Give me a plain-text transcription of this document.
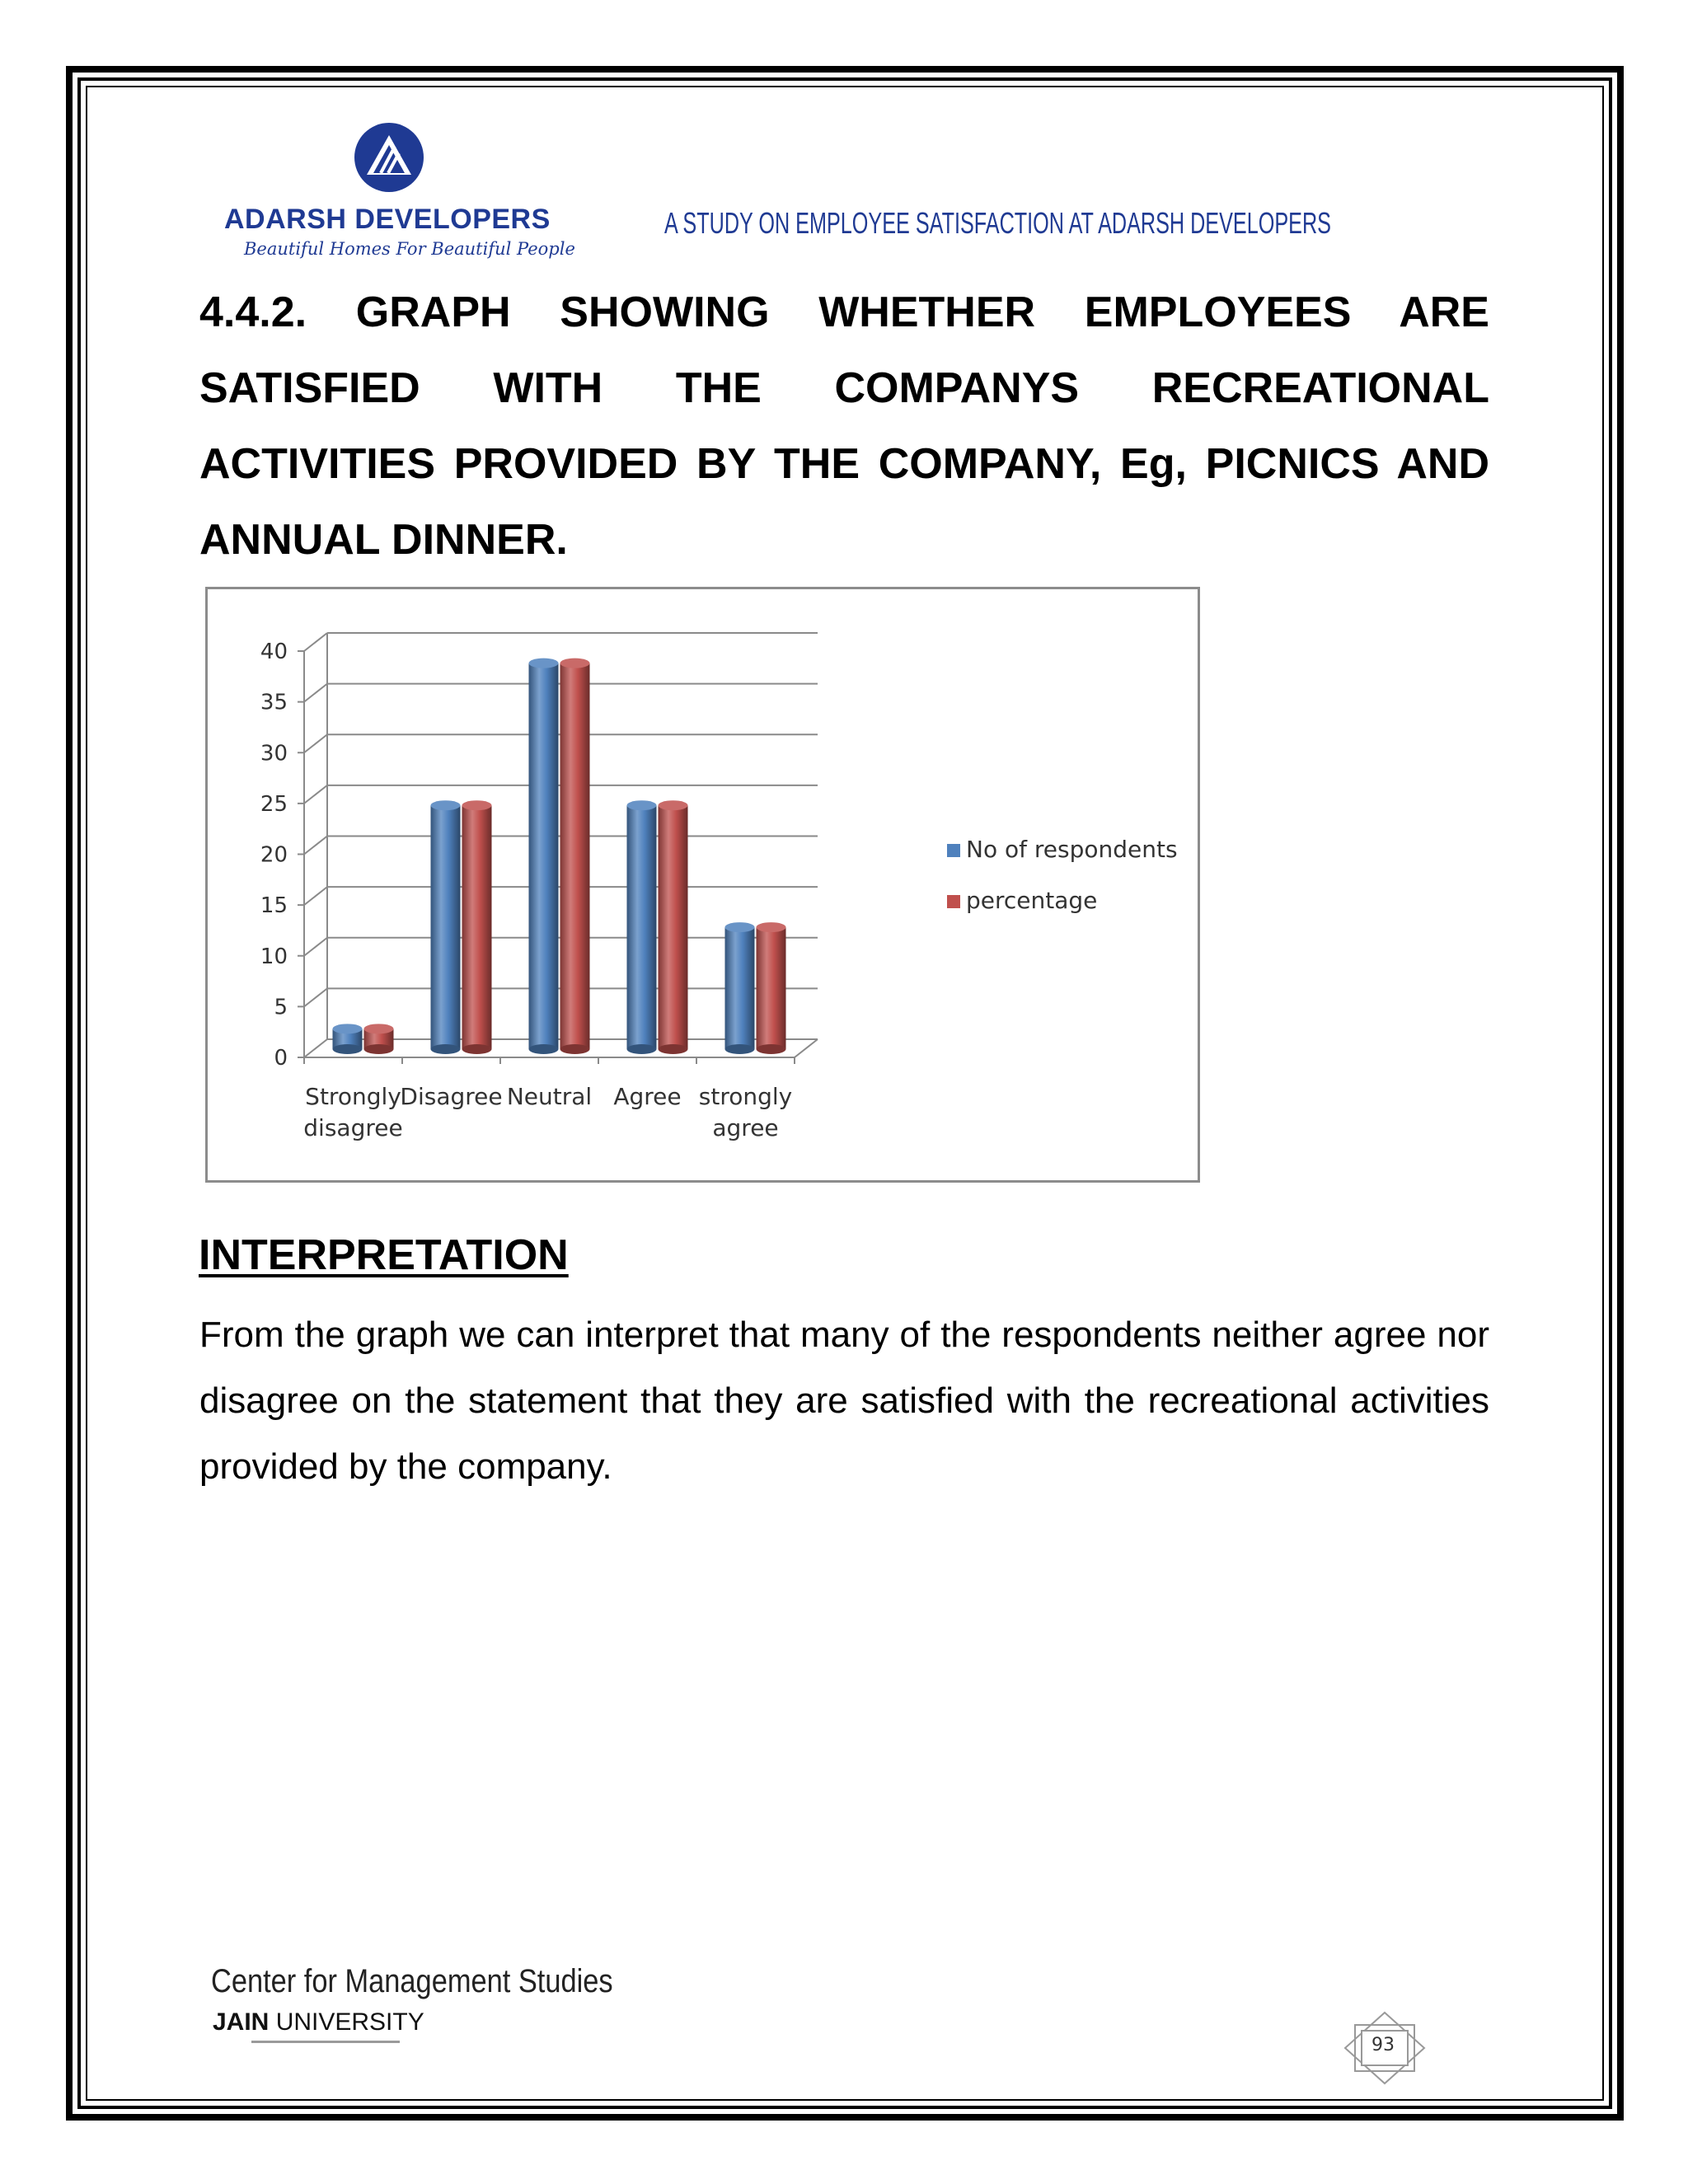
ADARSH DEVELOPERS
Beautiful Homes For Beautiful People
A STUDY ON EMPLOYEE SATISFACTION AT ADARSH DEVELOPERS
4.4.2. GRAPH SHOWING WHETHER EMPLOYEES ARE SATISFIED WITH THE COMPANYS RECREATIONAL ACTIVITIES PROVIDED BY THE COMPANY, Eg, PICNICS AND ANNUAL DINNER.
0
5
10
15
20
25
30
35
40
Strongly
disagree
Disagree Neutral Agree strongly
agree
No of respondents
percentage
INTERPRETATION
From the graph we can interpret that many of the respondents neither agree nor disagree on the statement that they are satisfied with the recreational activities provided by the company.
Center for Management Studies
JAIN UNIVERSITY
93
